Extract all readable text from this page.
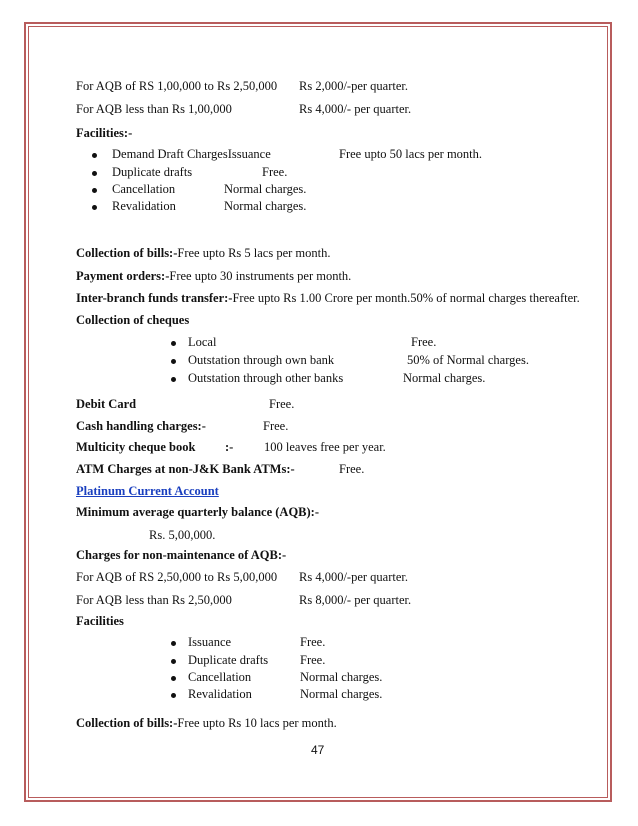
For AQB of RS 1,00,000 to Rs 2,50,000 Rs 2,000/-per quarter.
For AQB less than Rs 1,00,000	Rs 4,000/- per quarter.
Facilities:-
Demand Draft ChargesIssuance	Free upto 50 lacs per month.
Duplicate drafts	Free.
Cancellation	Normal charges.
Revalidation	Normal charges.
Collection of bills:-Free upto Rs 5 lacs per month.
Payment orders:-Free upto 30 instruments per month.
Inter-branch funds transfer:-Free upto Rs 1.00 Crore per month.50% of normal charges thereafter.
Collection of cheques
Local	Free.
Outstation through own bank	50% of Normal charges.
Outstation through other banks	Normal charges.
Debit Card	Free.
Cash handling charges:-	Free.
Multicity cheque book :- 100 leaves free per year.
ATM Charges at non-J&K Bank ATMs:-	Free.
Platinum Current Account
Minimum average quarterly balance (AQB):-
Rs. 5,00,000.
Charges for non-maintenance of AQB:-
For AQB of RS 2,50,000 to Rs 5,00,000 Rs 4,000/-per quarter.
For AQB less than Rs 2,50,000	Rs 8,000/- per quarter.
Facilities
Issuance	Free.
Duplicate drafts	Free.
Cancellation	Normal charges.
Revalidation	Normal charges.
Collection of bills:-Free upto Rs 10 lacs per month.
47
